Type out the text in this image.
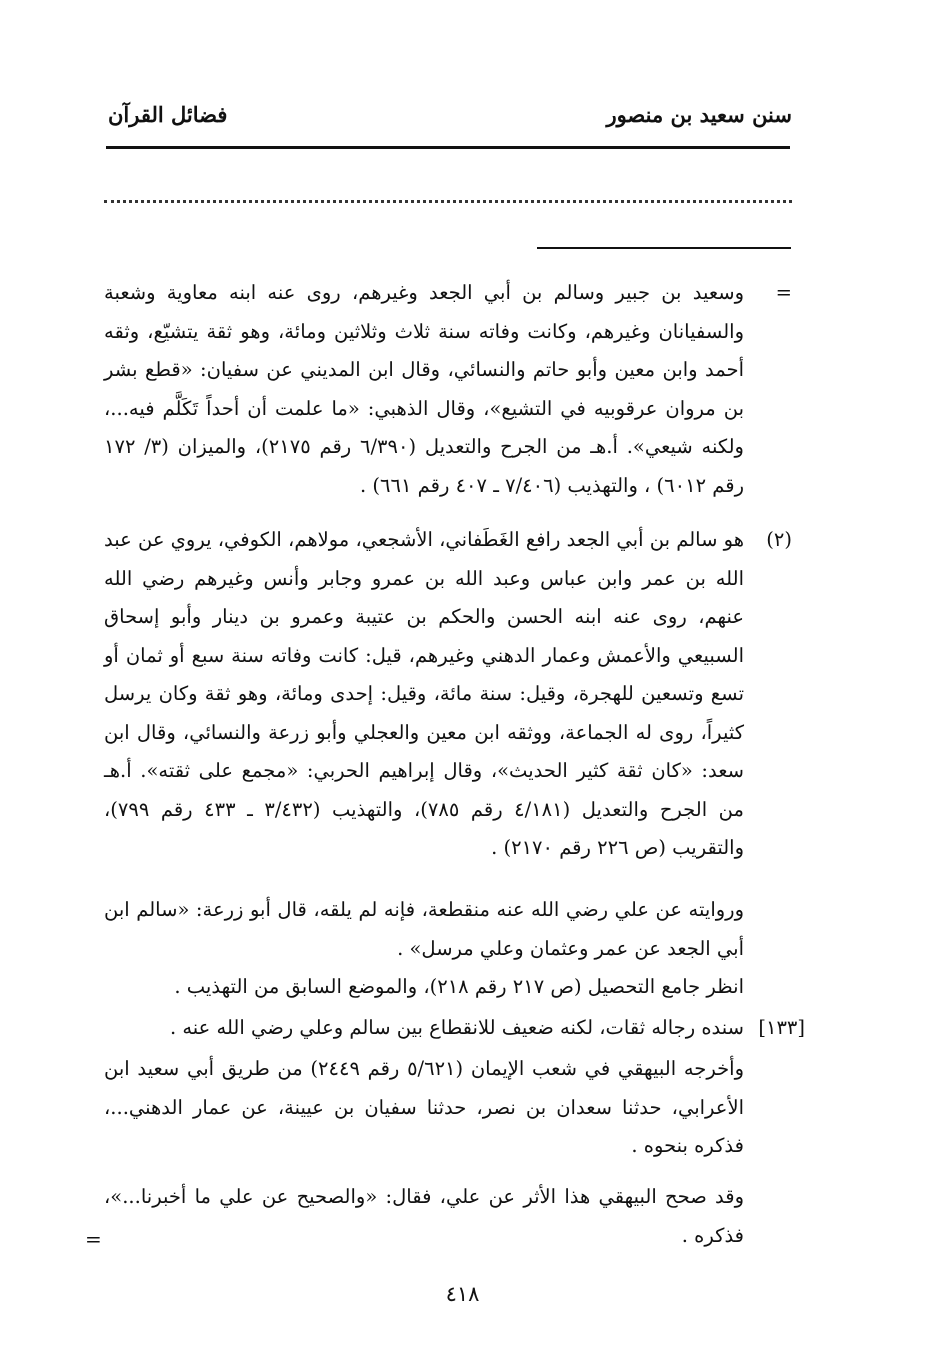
سنن سعيد بن منصور
فضائل القرآن
=
وسعيد بن جبير وسالم بن أبي الجعد وغيرهم، روى عنه ابنه معاوية وشعبة والسفيانان وغيرهم، وكانت وفاته سنة ثلاث وثلاثين ومائة، وهو ثقة يتشيّع، وثقه أحمد وابن معين وأبو حاتم والنسائي، وقال ابن المديني عن سفيان: «قطع بشر بن مروان عرقوبيه في التشيع»، وقال الذهبي: «ما علمت أن أحداً تَكَلَّم فيه...، ولكنه شيعي». أ.هـ من الجرح والتعديل (٦/٣٩٠ رقم ٢١٧٥)، والميزان (٣/ ١٧٢ رقم ٦٠١٢) ، والتهذيب (٧/٤٠٦ ـ ٤٠٧ رقم ٦٦١) .
(٢)
هو سالم بن أبي الجعد رافع الغَطَفاني، الأشجعي، مولاهم، الكوفي، يروي عن عبد الله بن عمر وابن عباس وعبد الله بن عمرو وجابر وأنس وغيرهم رضي الله عنهم، روى عنه ابنه الحسن والحكم بن عتيبة وعمرو بن دينار وأبو إسحاق السبيعي والأعمش وعمار الدهني وغيرهم، قيل: كانت وفاته سنة سبع أو ثمان أو تسع وتسعين للهجرة، وقيل: سنة مائة، وقيل: إحدى ومائة، وهو ثقة وكان يرسل كثيراً، روى له الجماعة، ووثقه ابن معين والعجلي وأبو زرعة والنسائي، وقال ابن سعد: «كان ثقة كثير الحديث»، وقال إبراهيم الحربي: «مجمع على ثقته». أ.هـ من الجرح والتعديل (٤/١٨١ رقم ٧٨٥)، والتهذيب (٣/٤٣٢ ـ ٤٣٣ رقم ٧٩٩)، والتقريب (ص ٢٢٦ رقم ٢١٧٠) .
وروايته عن علي رضي الله عنه منقطعة، فإنه لم يلقه، قال أبو زرعة: «سالم ابن أبي الجعد عن عمر وعثمان وعلي مرسل» .
انظر جامع التحصيل (ص ٢١٧ رقم ٢١٨)، والموضع السابق من التهذيب .
[١٣٣]
سنده رجاله ثقات، لكنه ضعيف للانقطاع بين سالم وعلي رضي الله عنه .
وأخرجه البيهقي في شعب الإيمان (٥/٦٢١ رقم ٢٤٤٩) من طريق أبي سعيد ابن الأعرابي، حدثنا سعدان بن نصر، حدثنا سفيان بن عيينة، عن عمار الدهني...، فذكره بنحوه .
وقد صحح البيهقي هذا الأثر عن علي، فقال: «والصحيح عن علي ما أخبرنا...»، فذكره .
=
٤١٨
